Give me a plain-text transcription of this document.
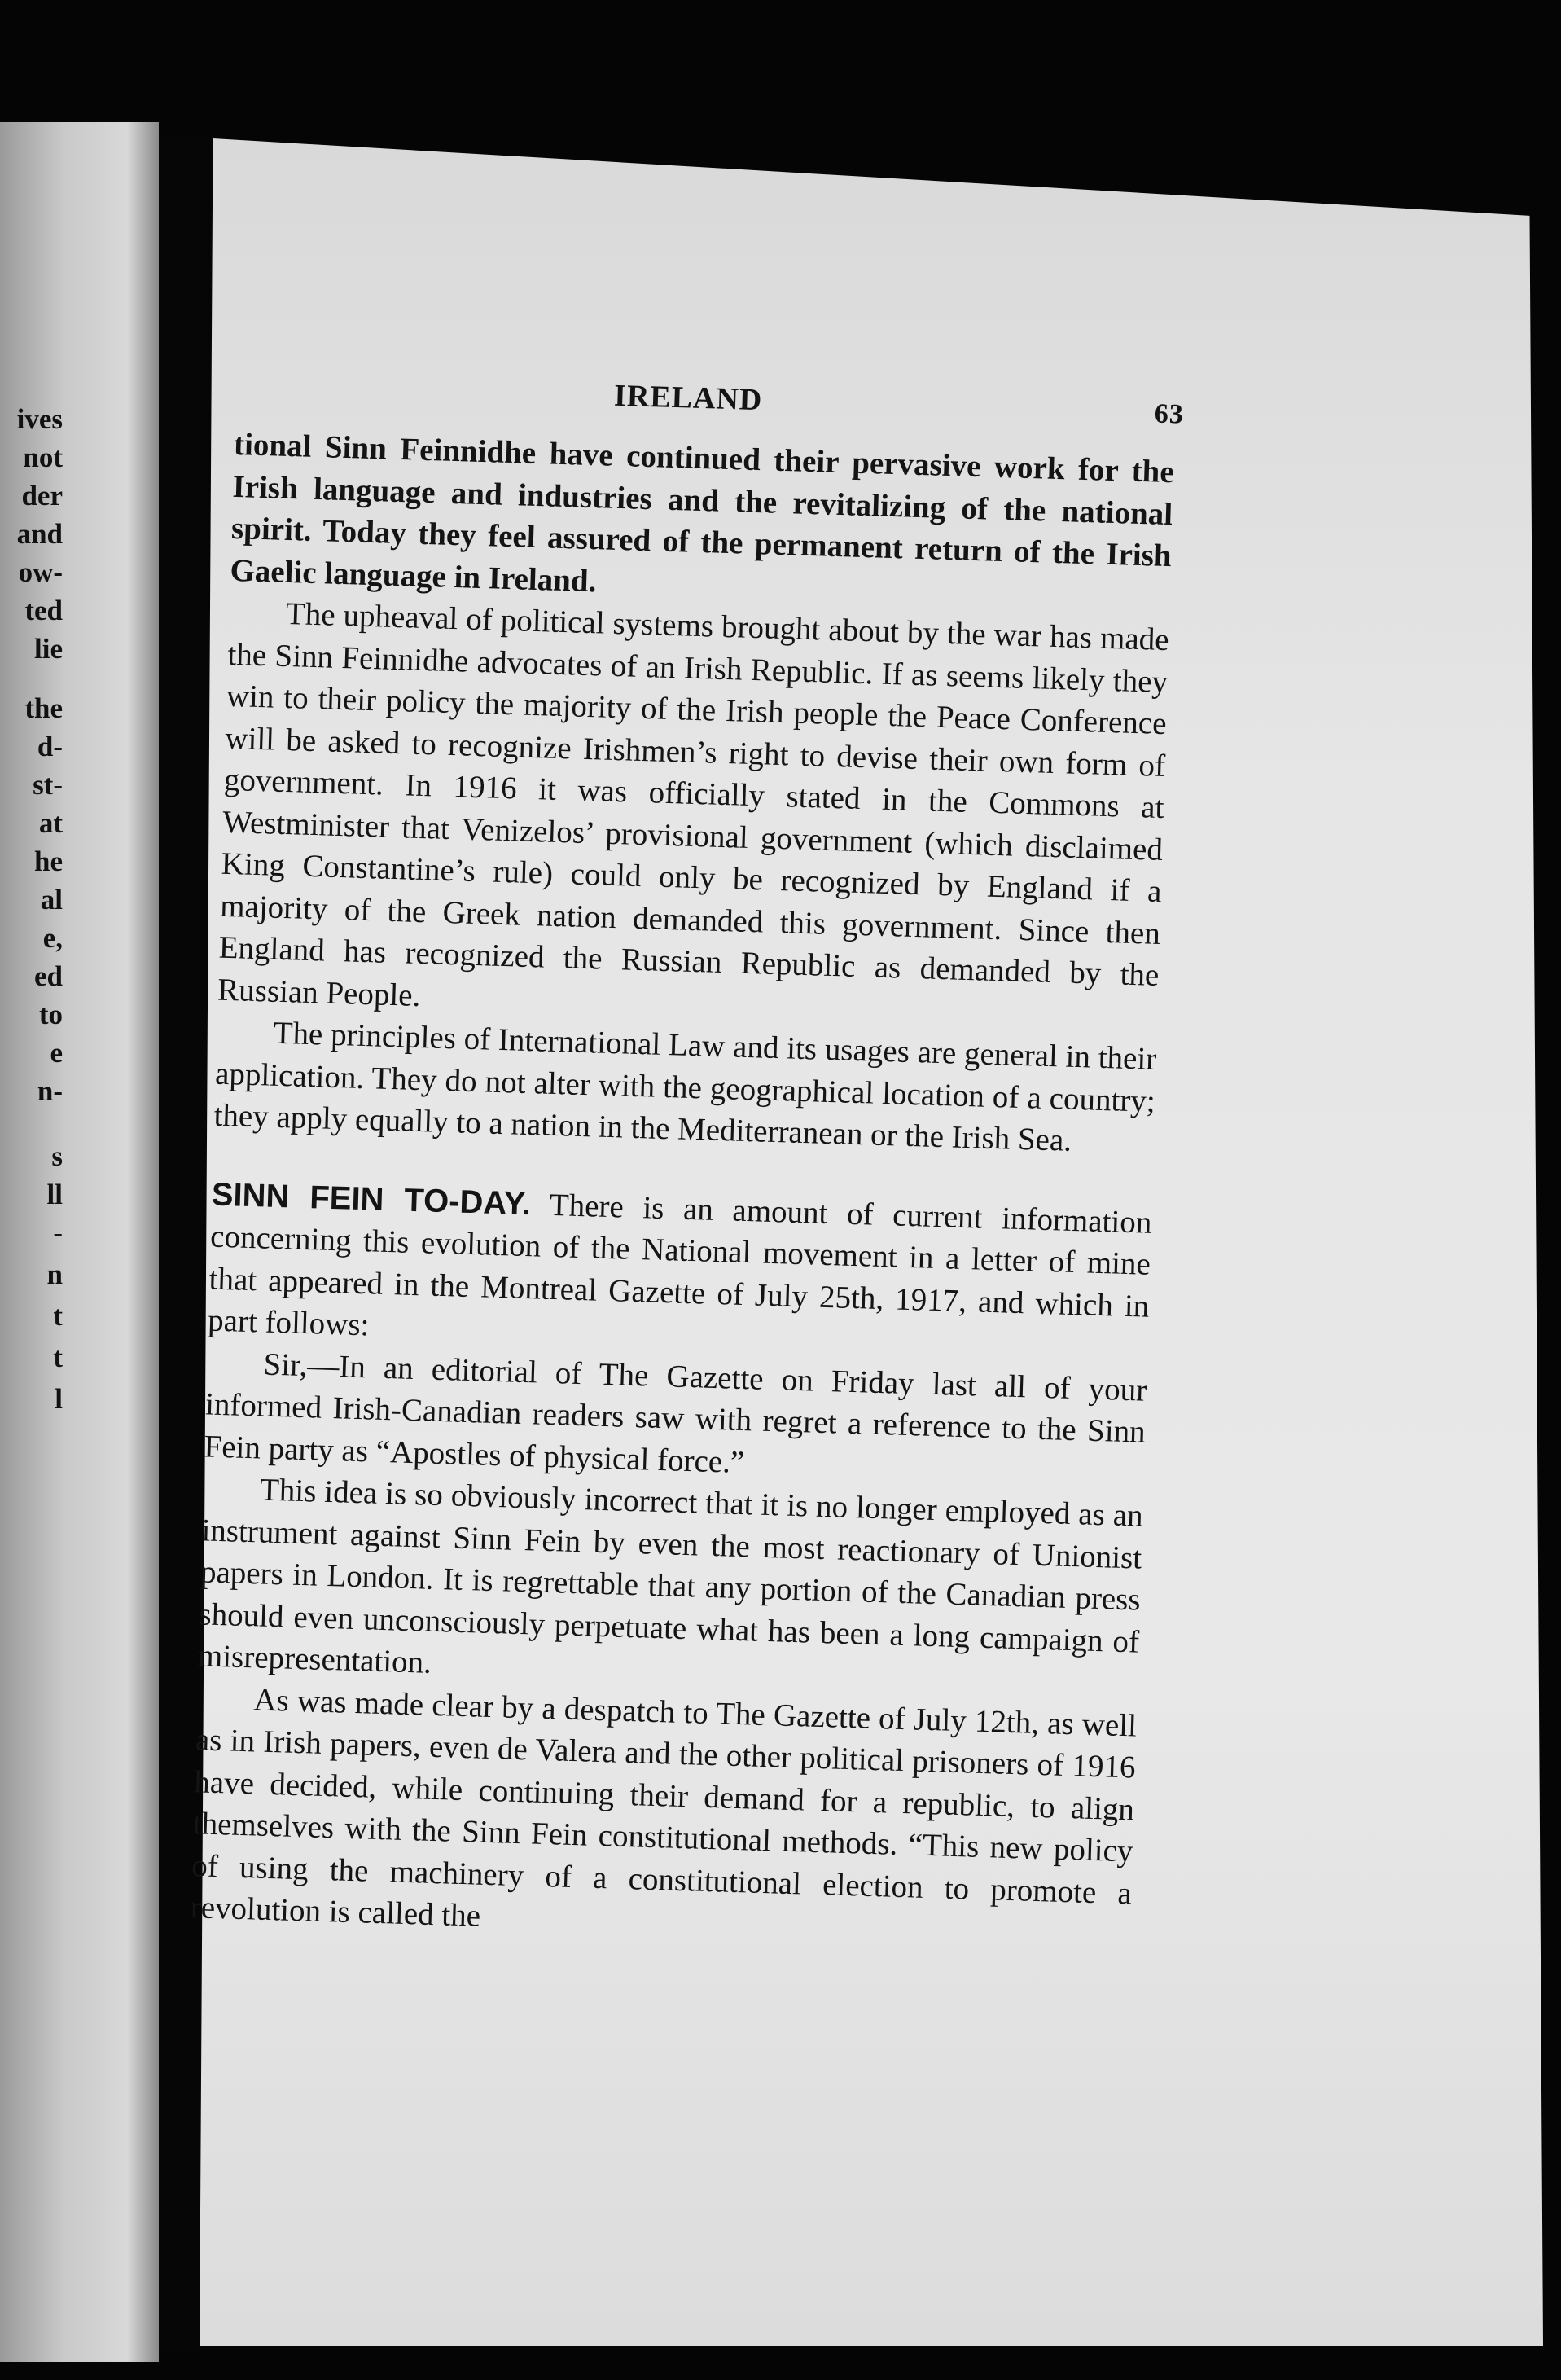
ives
not
der
and
ow-
ted
lie
the
d-
st-
at
he
al
e,
ed
to
e
n-
s
ll
-
n
t
t
l
IRELAND	63

tional Sinn Feinnidhe have continued their pervasive work for the Irish language and industries and the revitalizing of the national spirit. Today they feel assured of the permanent return of the Irish Gaelic language in Ireland.

The upheaval of political systems brought about by the war has made the Sinn Feinnidhe advocates of an Irish Republic. If as seems likely they win to their policy the majority of the Irish people the Peace Conference will be asked to recognize Irishmen’s right to devise their own form of government. In 1916 it was officially stated in the Commons at Westminister that Venizelos’ provisional government (which disclaimed King Constantine’s rule) could only be recognized by England if a majority of the Greek nation demanded this government. Since then England has recognized the Russian Republic as demanded by the Russian People.

The principles of International Law and its usages are general in their application. They do not alter with the geographical location of a country; they apply equally to a nation in the Mediterranean or the Irish Sea.

SINN FEIN TO-DAY. There is an amount of current information concerning this evolution of the National movement in a letter of mine that appeared in the Montreal Gazette of July 25th, 1917, and which in part follows:

Sir,—In an editorial of The Gazette on Friday last all of your informed Irish-Canadian readers saw with regret a reference to the Sinn Fein party as “Apostles of physical force.”

This idea is so obviously incorrect that it is no longer employed as an instrument against Sinn Fein by even the most reactionary of Unionist papers in London. It is regrettable that any portion of the Canadian press should even unconsciously perpetuate what has been a long campaign of misrepresentation.

As was made clear by a despatch to The Gazette of July 12th, as well as in Irish papers, even de Valera and the other political prisoners of 1916 have decided, while continuing their demand for a republic, to align themselves with the Sinn Fein constitutional methods. “This new policy of using the machinery of a constitutional election to promote a revolution is called the
